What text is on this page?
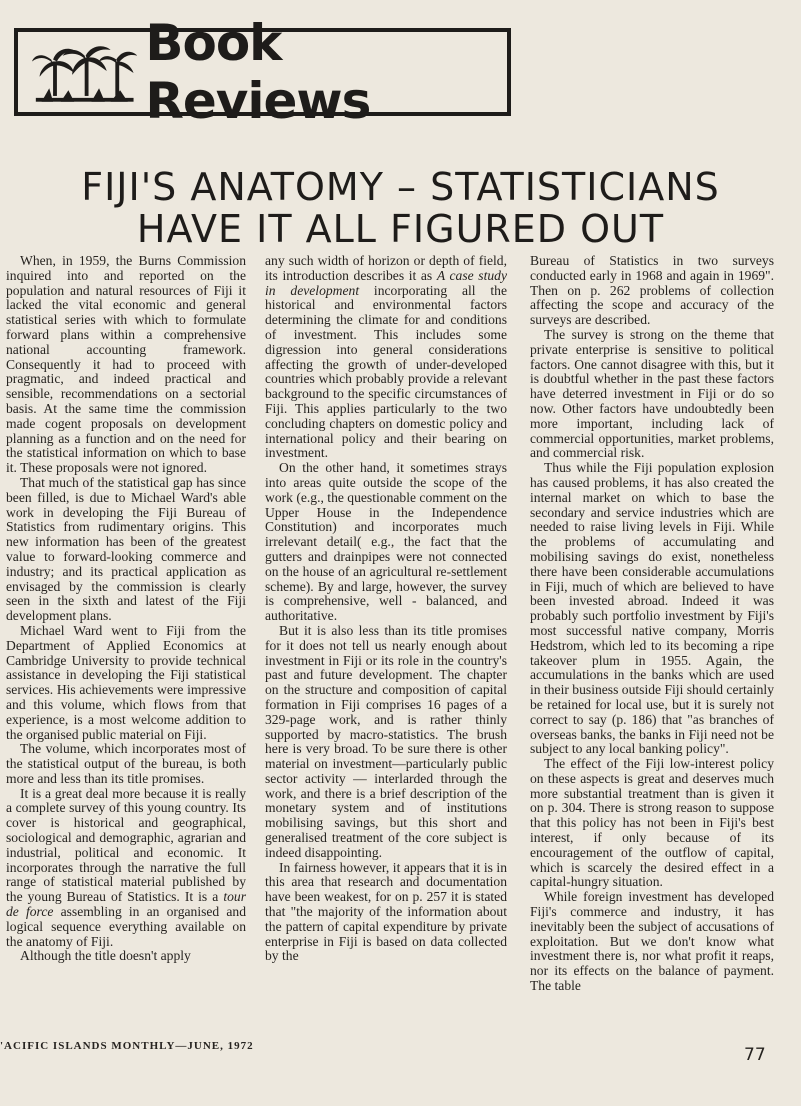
Book Reviews
FIJI'S ANATOMY – STATISTICIANS
HAVE IT ALL FIGURED OUT

When, in 1959, the Burns Commission inquired into and reported on the population and natural resources of Fiji it lacked the vital economic and general statistical series with which to formulate forward plans within a comprehensive national accounting framework. Consequently it had to proceed with pragmatic, and indeed practical and sensible, recommendations on a sectorial basis. At the same time the commission made cogent proposals on development planning as a function and on the need for the statistical information on which to base it. These proposals were not ignored.

That much of the statistical gap has since been filled, is due to Michael Ward's able work in developing the Fiji Bureau of Statistics from rudimentary origins. This new information has been of the greatest value to forward-looking commerce and industry; and its practical application as envisaged by the commission is clearly seen in the sixth and latest of the Fiji development plans.

Michael Ward went to Fiji from the Department of Applied Economics at Cambridge University to provide technical assistance in developing the Fiji statistical services. His achievements were impressive and this volume, which flows from that experience, is a most welcome addition to the organised public material on Fiji.

The volume, which incorporates most of the statistical output of the bureau, is both more and less than its title promises.

It is a great deal more because it is really a complete survey of this young country. Its cover is historical and geographical, sociological and demographic, agrarian and industrial, political and economic. It incorporates through the narrative the full range of statistical material published by the young Bureau of Statistics. It is a tour de force assembling in an organised and logical sequence everything available on the anatomy of Fiji.

Although the title doesn't apply

any such width of horizon or depth of field, its introduction describes it as A case study in development incorporating all the historical and environmental factors determining the climate for and conditions of investment. This includes some digression into general considerations affecting the growth of under-developed countries which probably provide a relevant background to the specific circumstances of Fiji. This applies particularly to the two concluding chapters on domestic policy and international policy and their bearing on investment.

On the other hand, it sometimes strays into areas quite outside the scope of the work (e.g., the questionable comment on the Upper House in the Independence Constitution) and incorporates much irrelevant detail( e.g., the fact that the gutters and drainpipes were not connected on the house of an agricultural re-settlement scheme). By and large, however, the survey is comprehensive, well - balanced, and authoritative.

But it is also less than its title promises for it does not tell us nearly enough about investment in Fiji or its role in the country's past and future development. The chapter on the structure and composition of capital formation in Fiji comprises 16 pages of a 329-page work, and is rather thinly supported by macro-statistics. The brush here is very broad. To be sure there is other material on investment—particularly public sector activity — interlarded through the work, and there is a brief description of the monetary system and of institutions mobilising savings, but this short and generalised treatment of the core subject is indeed disappointing.

In fairness however, it appears that it is in this area that research and documentation have been weakest, for on p. 257 it is stated that "the majority of the information about the pattern of capital expenditure by private enterprise in Fiji is based on data collected by the

Bureau of Statistics in two surveys conducted early in 1968 and again in 1969". Then on p. 262 problems of collection affecting the scope and accuracy of the surveys are described.

The survey is strong on the theme that private enterprise is sensitive to political factors. One cannot disagree with this, but it is doubtful whether in the past these factors have deterred investment in Fiji or do so now. Other factors have undoubtedly been more important, including lack of commercial opportunities, market problems, and commercial risk.

Thus while the Fiji population explosion has caused problems, it has also created the internal market on which to base the secondary and service industries which are needed to raise living levels in Fiji. While the problems of accumulating and mobilising savings do exist, nonetheless there have been considerable accumulations in Fiji, much of which are believed to have been invested abroad. Indeed it was probably such portfolio investment by Fiji's most successful native company, Morris Hedstrom, which led to its becoming a ripe takeover plum in 1955. Again, the accumulations in the banks which are used in their business outside Fiji should certainly be retained for local use, but it is surely not correct to say (p. 186) that "as branches of overseas banks, the banks in Fiji need not be subject to any local banking policy".

The effect of the Fiji low-interest policy on these aspects is great and deserves much more substantial treatment than is given it on p. 304. There is strong reason to suppose that this policy has not been in Fiji's best interest, if only because of its encouragement of the outflow of capital, which is scarcely the desired effect in a capital-hungry situation.

While foreign investment has developed Fiji's commerce and industry, it has inevitably been the subject of accusations of exploitation. But we don't know what investment there is, nor what profit it reaps, nor its effects on the balance of payment. The table

'ACIFIC ISLANDS MONTHLY—JUNE, 1972	77
